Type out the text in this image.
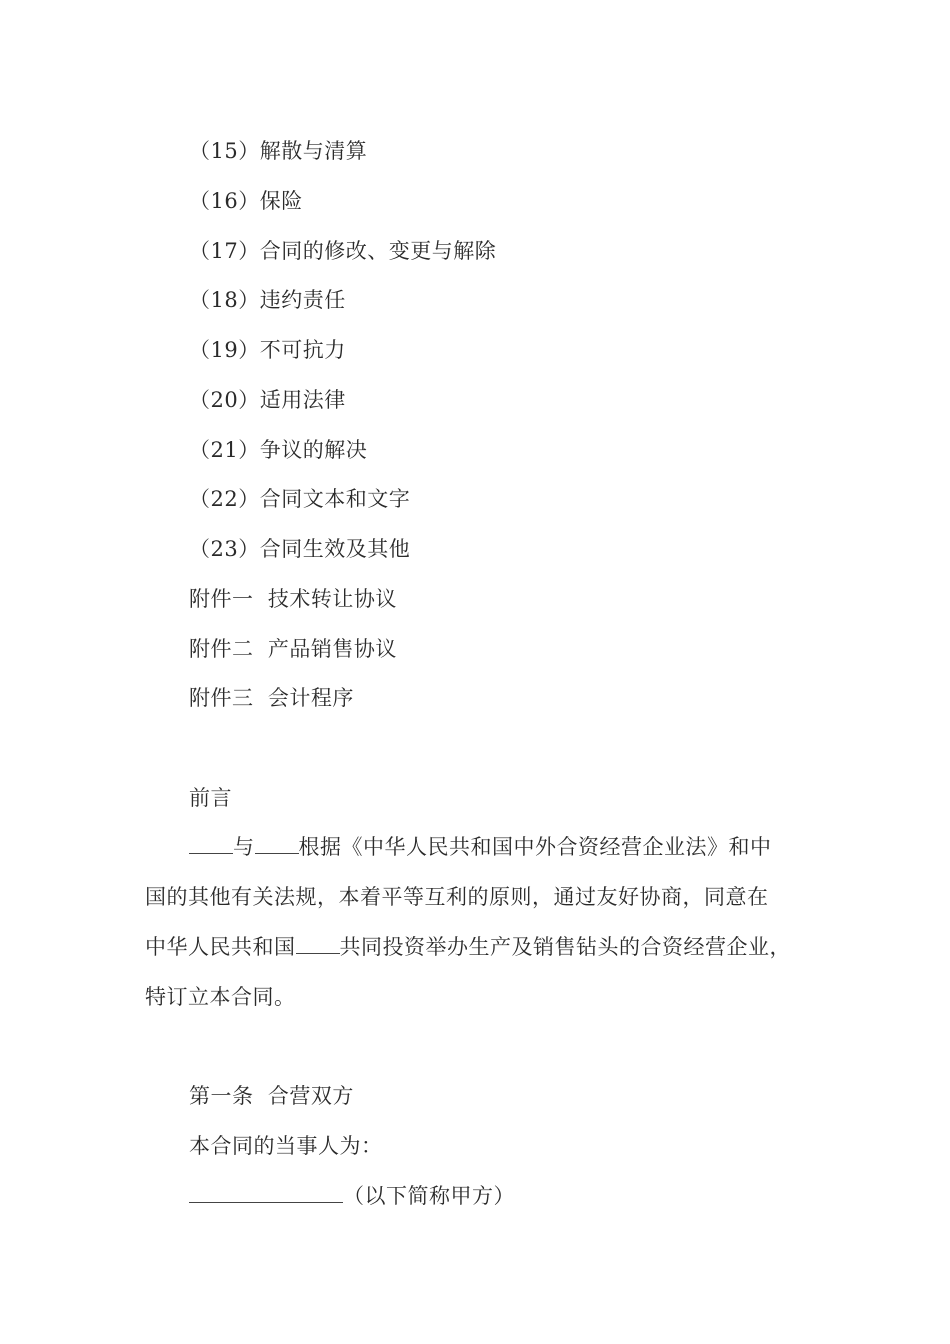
（15）解散与清算
（16）保险
（17）合同的修改、变更与解除
（18）违约责任
（19）不可抗力
（20）适用法律
（21）争议的解决
（22）合同文本和文字
（23）合同生效及其他
附件一  技术转让协议
附件二  产品销售协议
附件三  会计程序
前言
与 根据《中华人民共和国中外合资经营企业法》和中
国的其他有关法规，本着平等互利的原则，通过友好协商，同意在
中华人民共和国 共同投资举办生产及销售钻头的合资经营企业，
特订立本合同。
第一条  合营双方
本合同的当事人为：
（以下简称甲方）
